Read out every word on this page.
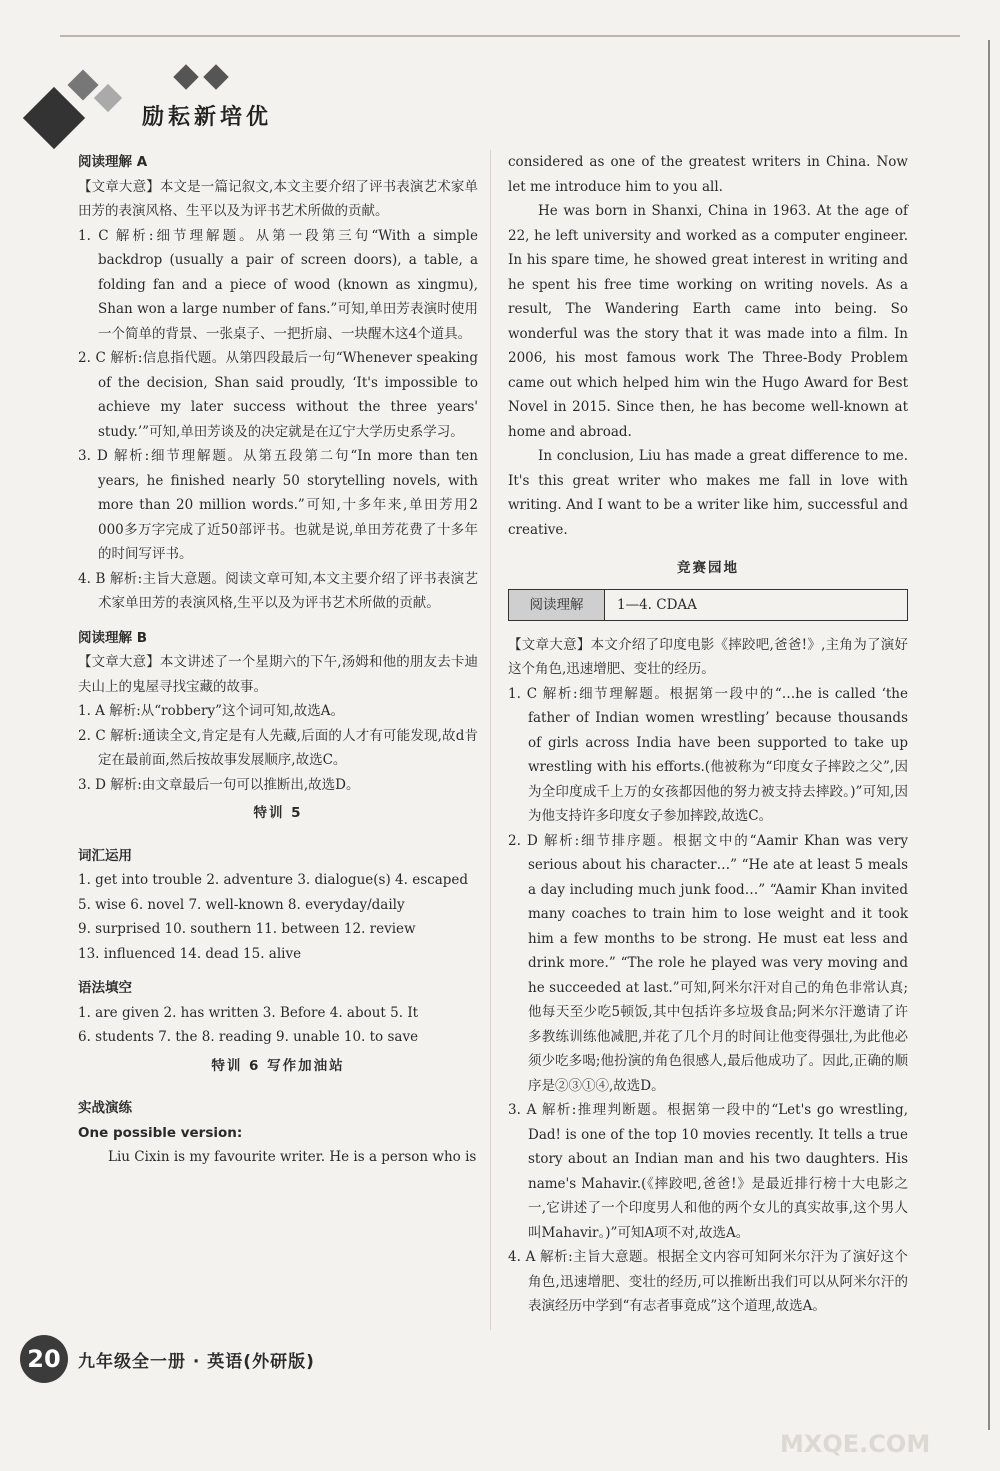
励耘新培优
阅读理解 A

【文章大意】本文是一篇记叙文,本文主要介绍了评书表演艺术家单田芳的表演风格、生平以及为评书艺术所做的贡献。

1. C 解析:细节理解题。从第一段第三句“With a simple backdrop (usually a pair of screen doors), a table, a folding fan and a piece of wood (known as xingmu), Shan won a large number of fans.”可知,单田芳表演时使用一个简单的背景、一张桌子、一把折扇、一块醒木这4个道具。

2. C 解析:信息指代题。从第四段最后一句“Whenever speaking of the decision, Shan said proudly, ‘It's impossible to achieve my later success without the three years' study.’”可知,单田芳谈及的决定就是在辽宁大学历史系学习。

3. D 解析:细节理解题。从第五段第二句“In more than ten years, he finished nearly 50 storytelling novels, with more than 20 million words.”可知,十多年来,单田芳用2 000多万字完成了近50部评书。也就是说,单田芳花费了十多年的时间写评书。

4. B 解析:主旨大意题。阅读文章可知,本文主要介绍了评书表演艺术家单田芳的表演风格,生平以及为评书艺术所做的贡献。

阅读理解 B

【文章大意】本文讲述了一个星期六的下午,汤姆和他的朋友去卡迪夫山上的鬼屋寻找宝藏的故事。

1. A 解析:从“robbery”这个词可知,故选A。

2. C 解析:通读全文,肯定是有人先藏,后面的人才有可能发现,故d肯定在最前面,然后按故事发展顺序,故选C。

3. D 解析:由文章最后一句可以推断出,故选D。

特训 5
词汇运用
1. get into trouble 2. adventure 3. dialogue(s) 4. escaped
5. wise 6. novel 7. well-known 8. everyday/daily
9. surprised 10. southern 11. between 12. review
13. influenced 14. dead 15. alive
语法填空
1. are given 2. has written 3. Before 4. about 5. It
6. students 7. the 8. reading 9. unable 10. to save
特训 6 写作加油站
实战演练
One possible version:

Liu Cixin is my favourite writer. He is a person who is

considered as one of the greatest writers in China. Now let me introduce him to you all.

He was born in Shanxi, China in 1963. At the age of 22, he left university and worked as a computer engineer. In his spare time, he showed great interest in writing and he spent his free time working on writing novels. As a result, The Wandering Earth came into being. So wonderful was the story that it was made into a film. In 2006, his most famous work The Three-Body Problem came out which helped him win the Hugo Award for Best Novel in 2015. Since then, he has become well-known at home and abroad.

In conclusion, Liu has made a great difference to me. It's this great writer who makes me fall in love with writing. And I want to be a writer like him, successful and creative.

竞赛园地
阅读理解	1—4. CDAA

【文章大意】本文介绍了印度电影《摔跤吧,爸爸!》,主角为了演好这个角色,迅速增肥、变壮的经历。

1. C 解析:细节理解题。根据第一段中的“…he is called ‘the father of Indian women wrestling’ because thousands of girls across India have been supported to take up wrestling with his efforts.(他被称为“印度女子摔跤之父”,因为全印度成千上万的女孩都因他的努力被支持去摔跤。)”可知,因为他支持许多印度女子参加摔跤,故选C。

2. D 解析:细节排序题。根据文中的“Aamir Khan was very serious about his character…” “He ate at least 5 meals a day including much junk food…” “Aamir Khan invited many coaches to train him to lose weight and it took him a few months to be strong. He must eat less and drink more.” “The role he played was very moving and he succeeded at last.”可知,阿米尔汗对自己的角色非常认真;他每天至少吃5顿饭,其中包括许多垃圾食品;阿米尔汗邀请了许多教练训练他减肥,并花了几个月的时间让他变得强壮,为此他必须少吃多喝;他扮演的角色很感人,最后他成功了。因此,正确的顺序是②③①④,故选D。

3. A 解析:推理判断题。根据第一段中的“Let's go wrestling, Dad! is one of the top 10 movies recently. It tells a true story about an Indian man and his two daughters. His name's Mahavir.(《摔跤吧,爸爸!》是最近排行榜十大电影之一,它讲述了一个印度男人和他的两个女儿的真实故事,这个男人叫Mahavir。)”可知A项不对,故选A。

4. A 解析:主旨大意题。根据全文内容可知阿米尔汗为了演好这个角色,迅速增肥、变壮的经历,可以推断出我们可以从阿米尔汗的表演经历中学到“有志者事竟成”这个道理,故选A。

20	九年级全一册 · 英语(外研版)
MXQE.COM
